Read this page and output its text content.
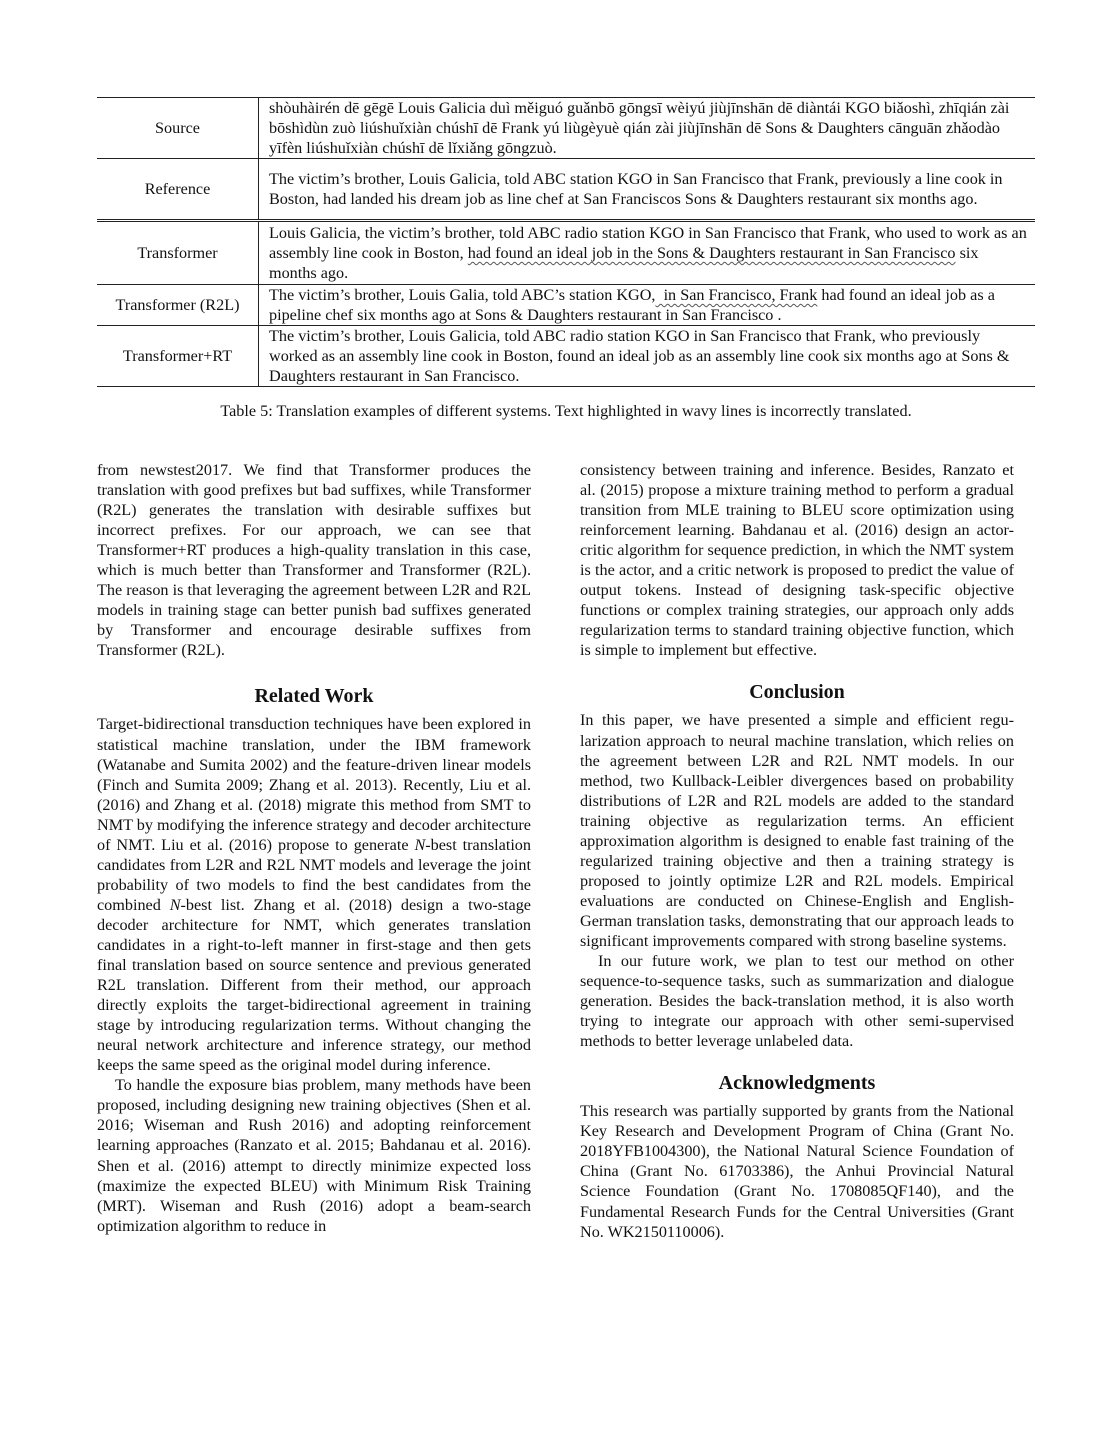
Source	shòuhàirén dē gēgē Louis Galicia duì měiguó guǎnbō gōngsī wèiyú jiùjīnshān dē diàntái KGO biǎoshì, zhīqián zài bōshìdùn zuò liúshuǐxiàn chúshī dē Frank yú liùgèyuè qián zài jiùjīnshān dē Sons & Daughters cānguān zhǎodào yīfèn liúshuǐxiàn chúshī dē lǐxiǎng gōngzuò.
Reference	The victim’s brother, Louis Galicia, told ABC station KGO in San Francisco that Frank, previously a line cook in Boston, had landed his dream job as line chef at San Franciscos Sons & Daughters restaurant six months ago.
Transformer	Louis Galicia, the victim’s brother, told ABC radio station KGO in San Francisco that Frank, who used to work as an assembly line cook in Boston, had found an ideal job in the Sons & Daughters restaurant in San Francisco six months ago.
Transformer (R2L)	The victim’s brother, Louis Galia, told ABC’s station KGO,  in San Francisco, Frank had found an ideal job as a pipeline chef six months ago at Sons & Daughters restaurant in San Francisco .
Transformer+RT	The victim’s brother, Louis Galicia, told ABC radio station KGO in San Francisco that Frank, who previously worked as an assembly line cook in Boston, found an ideal job as an assembly line cook six months ago at Sons & Daughters restaurant in San Francisco.
Table 5: Translation examples of different systems. Text highlighted in wavy lines is incorrectly translated.

from newstest2017. We find that Transformer produces the translation with good prefixes but bad suffixes, while Transformer (R2L) generates the translation with desirable suffixes but incorrect prefixes. For our approach, we can see that Transformer+RT produces a high-quality translation in this case, which is much better than Transformer and Transformer (R2L). The reason is that leveraging the agreement between L2R and R2L models in training stage can better punish bad suffixes generated by Transformer and encourage desirable suffixes from Transformer (R2L).

Related Work

Target-bidirectional transduction techniques have been explored in statistical machine translation, under the IBM framework (Watanabe and Sumita 2002) and the feature-driven linear models (Finch and Sumita 2009; Zhang et al. 2013). Recently, Liu et al. (2016) and Zhang et al. (2018) migrate this method from SMT to NMT by modifying the inference strategy and decoder architecture of NMT. Liu et al. (2016) propose to generate N-best translation candidates from L2R and R2L NMT models and leverage the joint probability of two models to find the best candidates from the combined N-best list. Zhang et al. (2018) design a two-stage decoder architecture for NMT, which generates translation candidates in a right-to-left manner in first-stage and then gets final translation based on source sentence and previous generated R2L translation. Different from their method, our approach directly exploits the target-bidirectional agreement in training stage by introducing regularization terms. Without changing the neural network architecture and inference strategy, our method keeps the same speed as the original model during inference.

To handle the exposure bias problem, many methods have been proposed, including designing new training objectives (Shen et al. 2016; Wiseman and Rush 2016) and adopting reinforcement learning approaches (Ranzato et al. 2015; Bahdanau et al. 2016). Shen et al. (2016) attempt to directly minimize expected loss (maximize the expected BLEU) with Minimum Risk Training (MRT). Wiseman and Rush (2016) adopt a beam-search optimization algorithm to reduce in

consistency between training and inference. Besides, Ranzato et al. (2015) propose a mixture training method to perform a gradual transition from MLE training to BLEU score optimization using reinforcement learning. Bahdanau et al. (2016) design an actor-critic algorithm for sequence prediction, in which the NMT system is the actor, and a critic network is proposed to predict the value of output tokens. Instead of designing task-specific objective functions or complex training strategies, our approach only adds regularization terms to standard training objective function, which is simple to implement but effective.

Conclusion

In this paper, we have presented a simple and efficient regularization approach to neural machine translation, which relies on the agreement between L2R and R2L NMT models. In our method, two Kullback-Leibler divergences based on probability distributions of L2R and R2L models are added to the standard training objective as regularization terms. An efficient approximation algorithm is designed to enable fast training of the regularized training objective and then a training strategy is proposed to jointly optimize L2R and R2L models. Empirical evaluations are conducted on Chinese-English and English-German translation tasks, demonstrating that our approach leads to significant improvements compared with strong baseline systems.

In our future work, we plan to test our method on other sequence-to-sequence tasks, such as summarization and dialogue generation. Besides the back-translation method, it is also worth trying to integrate our approach with other semi-supervised methods to better leverage unlabeled data.

Acknowledgments

This research was partially supported by grants from the National Key Research and Development Program of China (Grant No. 2018YFB1004300), the National Natural Science Foundation of China (Grant No. 61703386), the Anhui Provincial Natural Science Foundation (Grant No. 1708085QF140), and the Fundamental Research Funds for the Central Universities (Grant No. WK2150110006).
